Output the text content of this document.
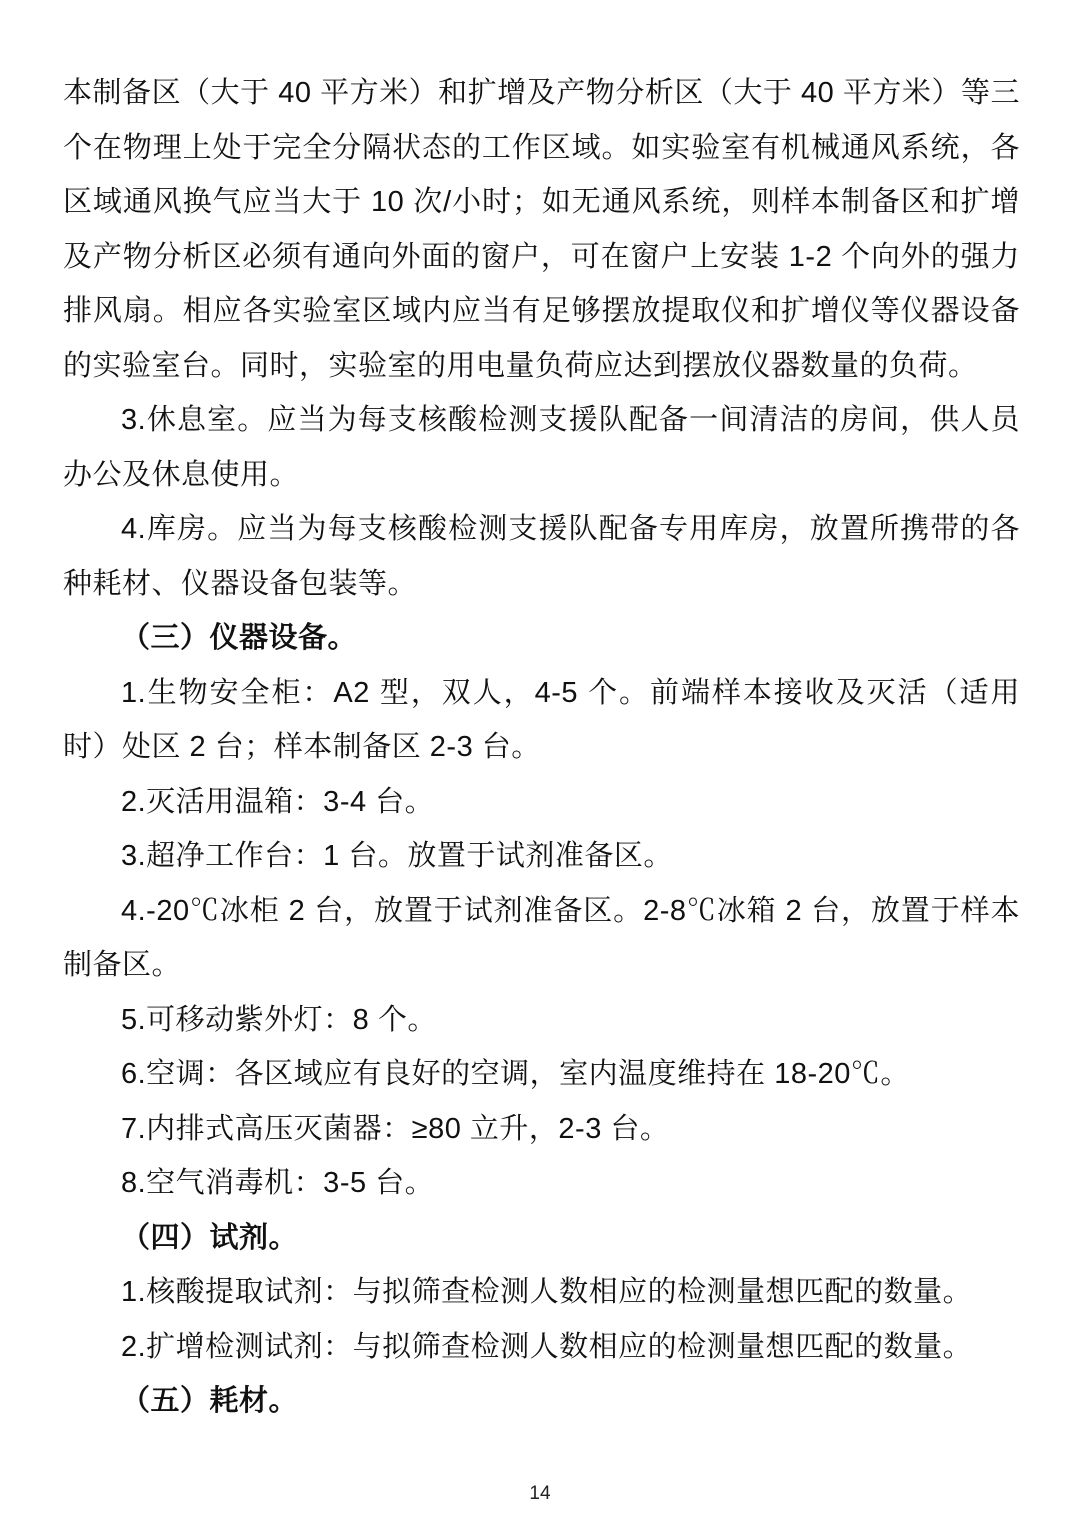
本制备区（大于 40 平方米）和扩增及产物分析区（大于 40 平方米）等三个在物理上处于完全分隔状态的工作区域。如实验室有机械通风系统，各区域通风换气应当大于 10 次/小时；如无通风系统，则样本制备区和扩增及产物分析区必须有通向外面的窗户，可在窗户上安装 1-2 个向外的强力排风扇。相应各实验室区域内应当有足够摆放提取仪和扩增仪等仪器设备的实验室台。同时，实验室的用电量负荷应达到摆放仪器数量的负荷。

3.休息室。应当为每支核酸检测支援队配备一间清洁的房间，供人员办公及休息使用。

4.库房。应当为每支核酸检测支援队配备专用库房，放置所携带的各种耗材、仪器设备包装等。

（三）仪器设备。

1.生物安全柜：A2 型，双人，4-5 个。前端样本接收及灭活（适用时）处区 2 台；样本制备区 2-3 台。

2.灭活用温箱：3-4 台。

3.超净工作台：1 台。放置于试剂准备区。

4.-20℃冰柜 2 台，放置于试剂准备区。2-8℃冰箱 2 台，放置于样本制备区。

5.可移动紫外灯：8 个。

6.空调：各区域应有良好的空调，室内温度维持在 18-20℃。

7.内排式高压灭菌器：≥80 立升，2-3 台。

8.空气消毒机：3-5 台。

（四）试剂。

1.核酸提取试剂：与拟筛查检测人数相应的检测量想匹配的数量。

2.扩增检测试剂：与拟筛查检测人数相应的检测量想匹配的数量。

（五）耗材。

14
